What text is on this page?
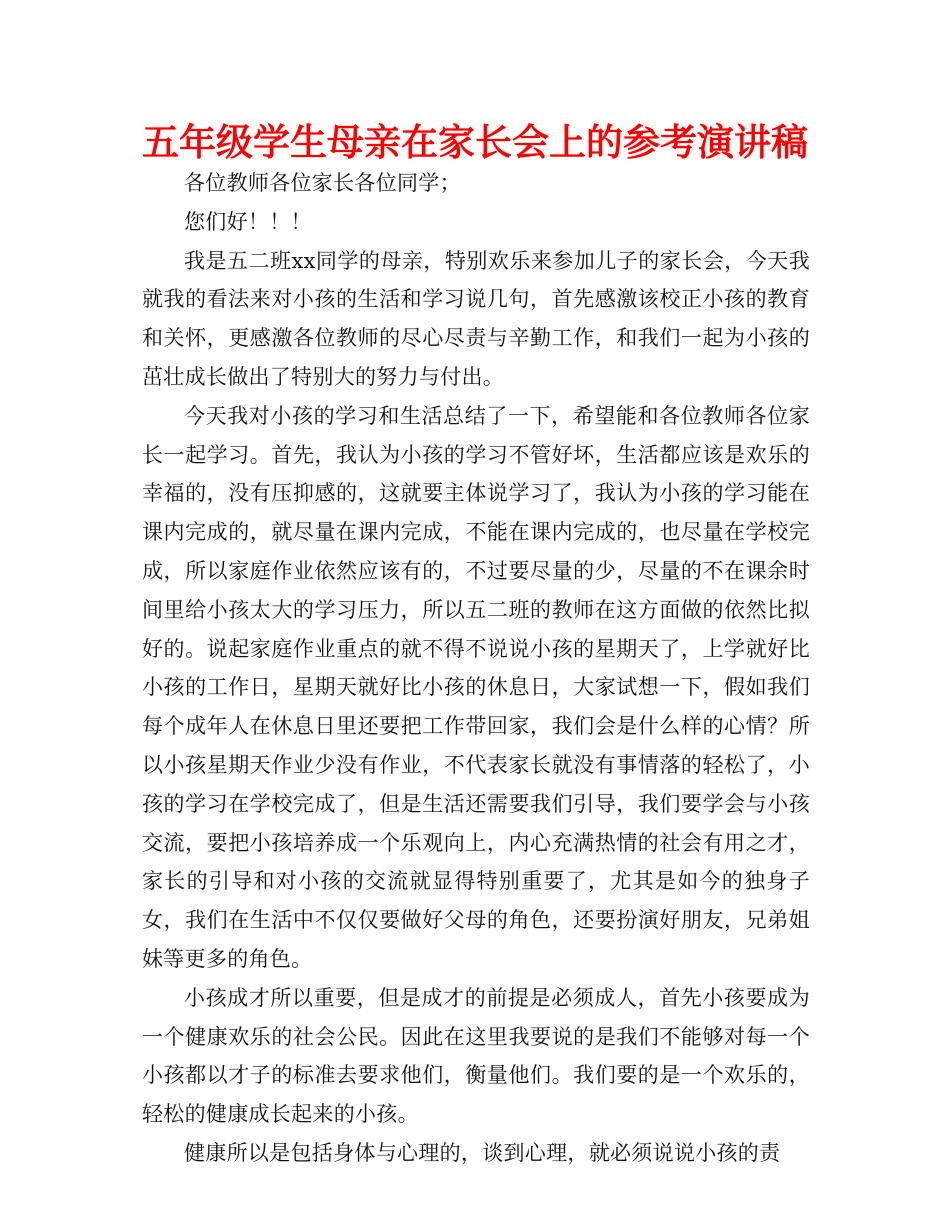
五年级学生母亲在家长会上的参考演讲稿

各位教师各位家长各位同学；

您们好！！！

我是五二班xx同学的母亲，特别欢乐来参加儿子的家长会，今天我就我的看法来对小孩的生活和学习说几句，首先感激该校正小孩的教育和关怀，更感激各位教师的尽心尽责与辛勤工作，和我们一起为小孩的茁壮成长做出了特别大的努力与付出。

今天我对小孩的学习和生活总结了一下，希望能和各位教师各位家长一起学习。首先，我认为小孩的学习不管好坏，生活都应该是欢乐的幸福的，没有压抑感的，这就要主体说学习了，我认为小孩的学习能在课内完成的，就尽量在课内完成，不能在课内完成的，也尽量在学校完成，所以家庭作业依然应该有的，不过要尽量的少，尽量的不在课余时间里给小孩太大的学习压力，所以五二班的教师在这方面做的依然比拟好的。说起家庭作业重点的就不得不说说小孩的星期天了，上学就好比小孩的工作日，星期天就好比小孩的休息日，大家试想一下，假如我们每个成年人在休息日里还要把工作带回家，我们会是什么样的心情？所以小孩星期天作业少没有作业，不代表家长就没有事情落的轻松了，小孩的学习在学校完成了，但是生活还需要我们引导，我们要学会与小孩交流，要把小孩培养成一个乐观向上，内心充满热情的社会有用之才，家长的引导和对小孩的交流就显得特别重要了，尤其是如今的独身子女，我们在生活中不仅仅要做好父母的角色，还要扮演好朋友，兄弟姐妹等更多的角色。

小孩成才所以重要，但是成才的前提是必须成人，首先小孩要成为一个健康欢乐的社会公民。因此在这里我要说的是我们不能够对每一个小孩都以才子的标准去要求他们，衡量他们。我们要的是一个欢乐的，轻松的健康成长起来的小孩。

健康所以是包括身体与心理的，谈到心理，就必须说说小孩的责
